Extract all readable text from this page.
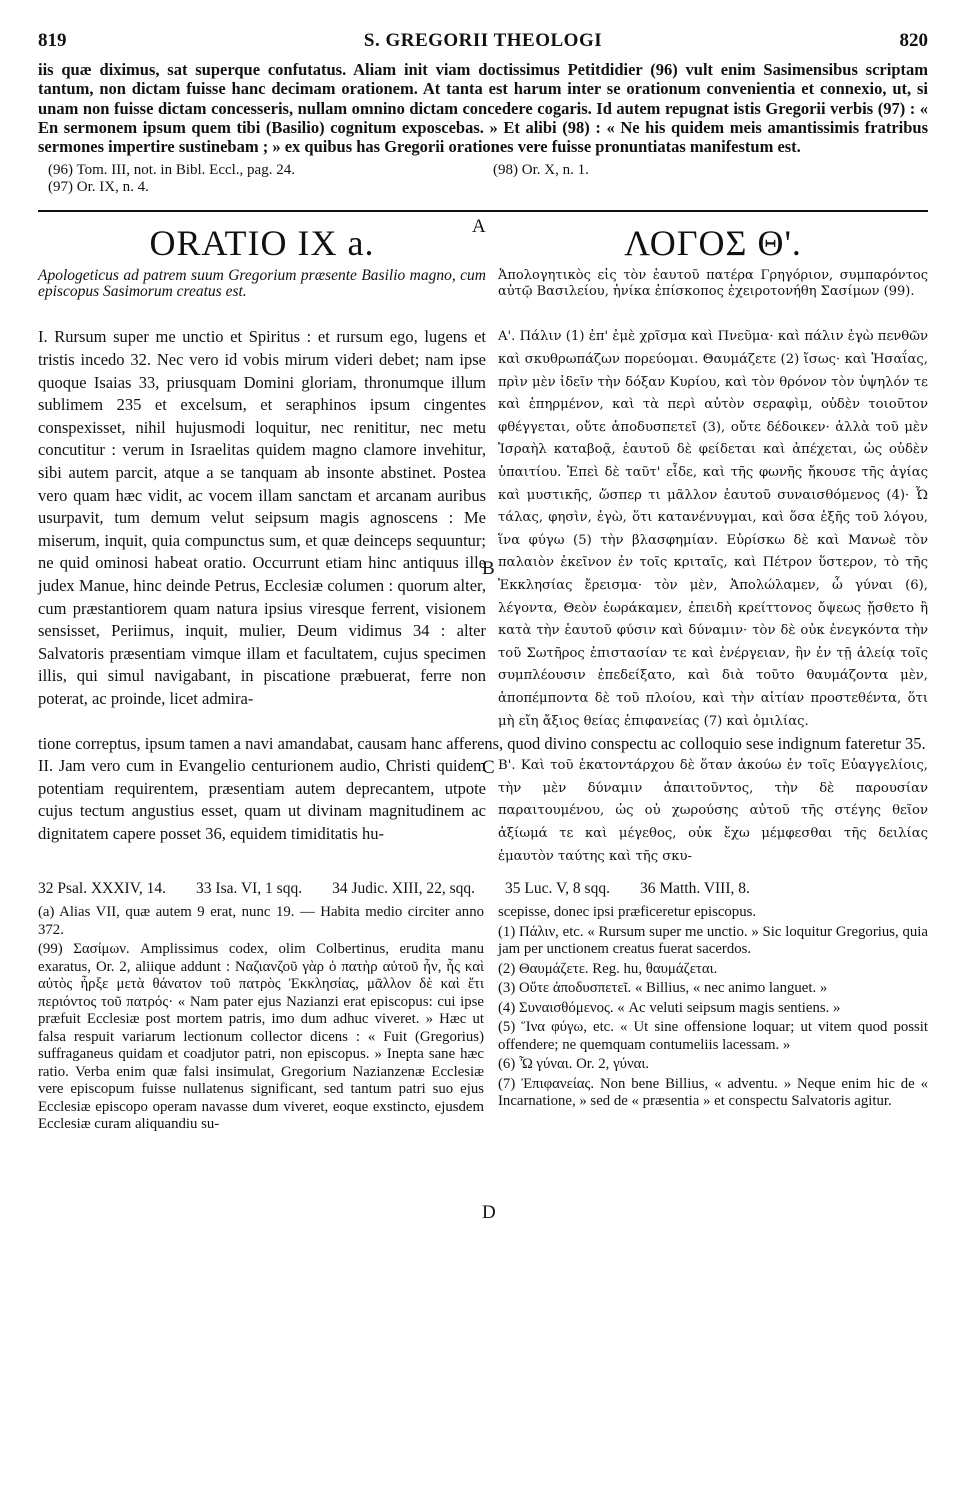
819	S. GREGORII THEOLOGI	820

iis quæ diximus, sat superque confutatus. Aliam init viam doctissimus Petitdidier (96) vult enim Sasimensibus scriptam tantum, non dictam fuisse hanc decimam orationem. At tanta est harum inter se orationum convenientia et connexio, ut, si unam non fuisse dictam concesseris, nullam omnino dictam concedere cogaris. Id autem repugnat istis Gregorii verbis (97) : « En sermonem ipsum quem tibi (Basilio) cognitum exposcebas. » Et alibi (98) : « Ne his quidem meis amantissimis fratribus sermones impertire sustinebam ; » ex quibus has Gregorii orationes vere fuisse pronuntiatas manifestum est.

(96) Tom. III, not. in Bibl. Eccl., pag. 24.
(97) Or. IX, n. 4.
(98) Or. X, n. 1.
ORATIO IX a.
Apologeticus ad patrem suum Gregorium præsente Basilio magno, cum episcopus Sasimorum creatus est.

I. Rursum super me unctio et Spiritus : et rursum ego, lugens et tristis incedo 32. Nec vero id vobis mirum videri debet; nam ipse quoque Isaias 33, priusquam Domini gloriam, thronumque illum sublimem 235 et excelsum, et seraphinos ipsum cingentes conspexisset, nihil hujusmodi loquitur, nec renititur, nec metu concutitur : verum in Israelitas quidem magno clamore invehitur, sibi autem parcit, atque a se tanquam ab insonte abstinet. Postea vero quam hæc vidit, ac vocem illam sanctam et arcanam auribus usurpavit, tum demum velut seipsum magis agnoscens : Me miserum, inquit, quia compunctus sum, et quæ deinceps sequuntur; ne quid ominosi habeat oratio. Occurrunt etiam hinc antiquus ille judex Manue, hinc deinde Petrus, Ecclesiæ columen : quorum alter, cum præstantiorem quam natura ipsius viresque ferrent, visionem sensisset, Periimus, inquit, mulier, Deum vidimus 34 : alter Salvatoris præsentiam vimque illam et facultatem, cujus specimen illis, qui simul navigabant, in piscatione præbuerat, ferre non poterat, ac proinde, licet admira-

ΛΟΓΟΣ Θ'.
Ἀπολογητικὸς εἰς τὸν ἑαυτοῦ πατέρα Γρηγόριον, συμπαρόντος αὐτῷ Βασιλείου, ἡνίκα ἐπίσκοπος ἐχειροτονήθη Σασίμων (99).

Α'. Πάλιν (1) ἐπ' ἐμὲ χρῖσμα καὶ Πνεῦμα· καὶ πάλιν ἐγὼ πενθῶν καὶ σκυθρωπάζων πορεύομαι. Θαυμάζετε (2) ἴσως· καὶ Ἡσαΐας, πρὶν μὲν ἰδεῖν τὴν δόξαν Κυρίου, καὶ τὸν θρόνον τὸν ὑψηλόν τε καὶ ἐπηρμένον, καὶ τὰ περὶ αὐτὸν σεραφὶμ, οὐδὲν τοιοῦτον φθέγγεται, οὔτε ἀποδυσπετεῖ (3), οὔτε δέδοικεν· ἀλλὰ τοῦ μὲν Ἰσραὴλ καταβοᾷ, ἑαυτοῦ δὲ φείδεται καὶ ἀπέχεται, ὡς οὐδὲν ὑπαιτίου. Ἐπεὶ δὲ ταῦτ' εἶδε, καὶ τῆς φωνῆς ἤκουσε τῆς ἁγίας καὶ μυστικῆς, ὥσπερ τι μᾶλλον ἑαυτοῦ συναισθόμενος (4)· Ὦ τάλας, φησὶν, ἐγὼ, ὅτι κατανένυγμαι, καὶ ὅσα ἑξῆς τοῦ λόγου, ἵνα φύγω (5) τὴν βλασφημίαν. Εὑρίσκω δὲ καὶ Μανωὲ τὸν παλαιὸν ἐκεῖνον ἐν τοῖς κριταῖς, καὶ Πέτρον ὕστερον, τὸ τῆς Ἐκκλησίας ἔρεισμα· τὸν μὲν, Ἀπολώλαμεν, ὦ γύναι (6), λέγοντα, Θεὸν ἑωράκαμεν, ἐπειδὴ κρείττονος ὄψεως ᾔσθετο ἢ κατὰ τὴν ἑαυτοῦ φύσιν καὶ δύναμιν· τὸν δὲ οὐκ ἐνεγκόντα τὴν τοῦ Σωτῆρος ἐπιστασίαν τε καὶ ἐνέργειαν, ἣν ἐν τῇ ἁλείᾳ τοῖς συμπλέουσιν ἐπεδείξατο, καὶ διὰ τοῦτο θαυμάζοντα μὲν, ἀποπέμποντα δὲ τοῦ πλοίου, καὶ τὴν αἰτίαν προστεθέντα, ὅτι μὴ εἴη ἄξιος θείας ἐπιφανείας (7) καὶ ὁμιλίας.

A
B

tione correptus, ipsum tamen a navi amandabat, causam hanc afferens, quod divino conspectu ac colloquio sese indignum fateretur 35.

II. Jam vero cum in Evangelio centurionem audio, Christi quidem potentiam requirentem, præsentiam autem deprecantem, utpote cujus tectum angustius esset, quam ut divinam magnitudinem ac dignitatem capere posset 36, equidem timiditatis hu-

Β'. Καὶ τοῦ ἑκατοντάρχου δὲ ὅταν ἀκούω ἐν τοῖς Εὐαγγελίοις, τὴν μὲν δύναμιν ἀπαιτοῦντος, τὴν δὲ παρουσίαν παραιτουμένου, ὡς οὐ χωρούσης αὐτοῦ τῆς στέγης θεῖον ἀξίωμά τε καὶ μέγεθος, οὐκ ἔχω μέμφεσθαι τῆς δειλίας ἐμαυτὸν ταύτης καὶ τῆς σκυ-

C
32 Psal. XXXIV, 14. 33 Isa. VI, 1 sqq. 34 Judic. XIII, 22, sqq. 35 Luc. V, 8 sqq. 36 Matth. VIII, 8.

(a) Alias VII, quæ autem 9 erat, nunc 19. — Habita medio circiter anno 372.

(99) Σασίμων. Amplissimus codex, olim Colbertinus, erudita manu exaratus, Or. 2, aliique addunt : Ναζιανζοῦ γὰρ ὁ πατὴρ αὐτοῦ ἦν, ἧς καὶ αὐτὸς ἦρξε μετὰ θάνατον τοῦ πατρὸς Ἐκκλησίας, μᾶλλον δὲ καὶ ἔτι περιόντος τοῦ πατρός· « Nam pater ejus Nazianzi erat episcopus: cui ipse præfuit Ecclesiæ post mortem patris, imo dum adhuc viveret. » Hæc ut falsa respuit variarum lectionum collector dicens : « Fuit (Gregorius) suffraganeus quidam et coadjutor patri, non episcopus. » Inepta sane hæc ratio. Verba enim quæ falsi insimulat, Gregorium Nazianzenæ Ecclesiæ vere episcopum fuisse nullatenus significant, sed tantum patri suo ejus Ecclesiæ episcopo operam navasse dum viveret, eoque exstincto, ejusdem Ecclesiæ curam aliquandiu su-

scepisse, donec ipsi præficeretur episcopus.

(1) Πάλιν, etc. « Rursum super me unctio. » Sic loquitur Gregorius, quia jam per unctionem creatus fuerat sacerdos.

(2) Θαυμάζετε. Reg. hu, θαυμάζεται.

(3) Οὔτε ἀποδυσπετεῖ. « Billius, « nec animo languet. »

(4) Συναισθόμενος. « Ac veluti seipsum magis sentiens. »

(5) Ἵνα φύγω, etc. « Ut sine offensione loquar; ut vitem quod possit offendere; ne quemquam contumeliis lacessam. »

(6) Ὦ γύναι. Or. 2, γύναι.

(7) Ἐπιφανείας. Non bene Billius, « adventu. » Neque enim hic de « Incarnatione, » sed de « præsentia » et conspectu Salvatoris agitur.

D
